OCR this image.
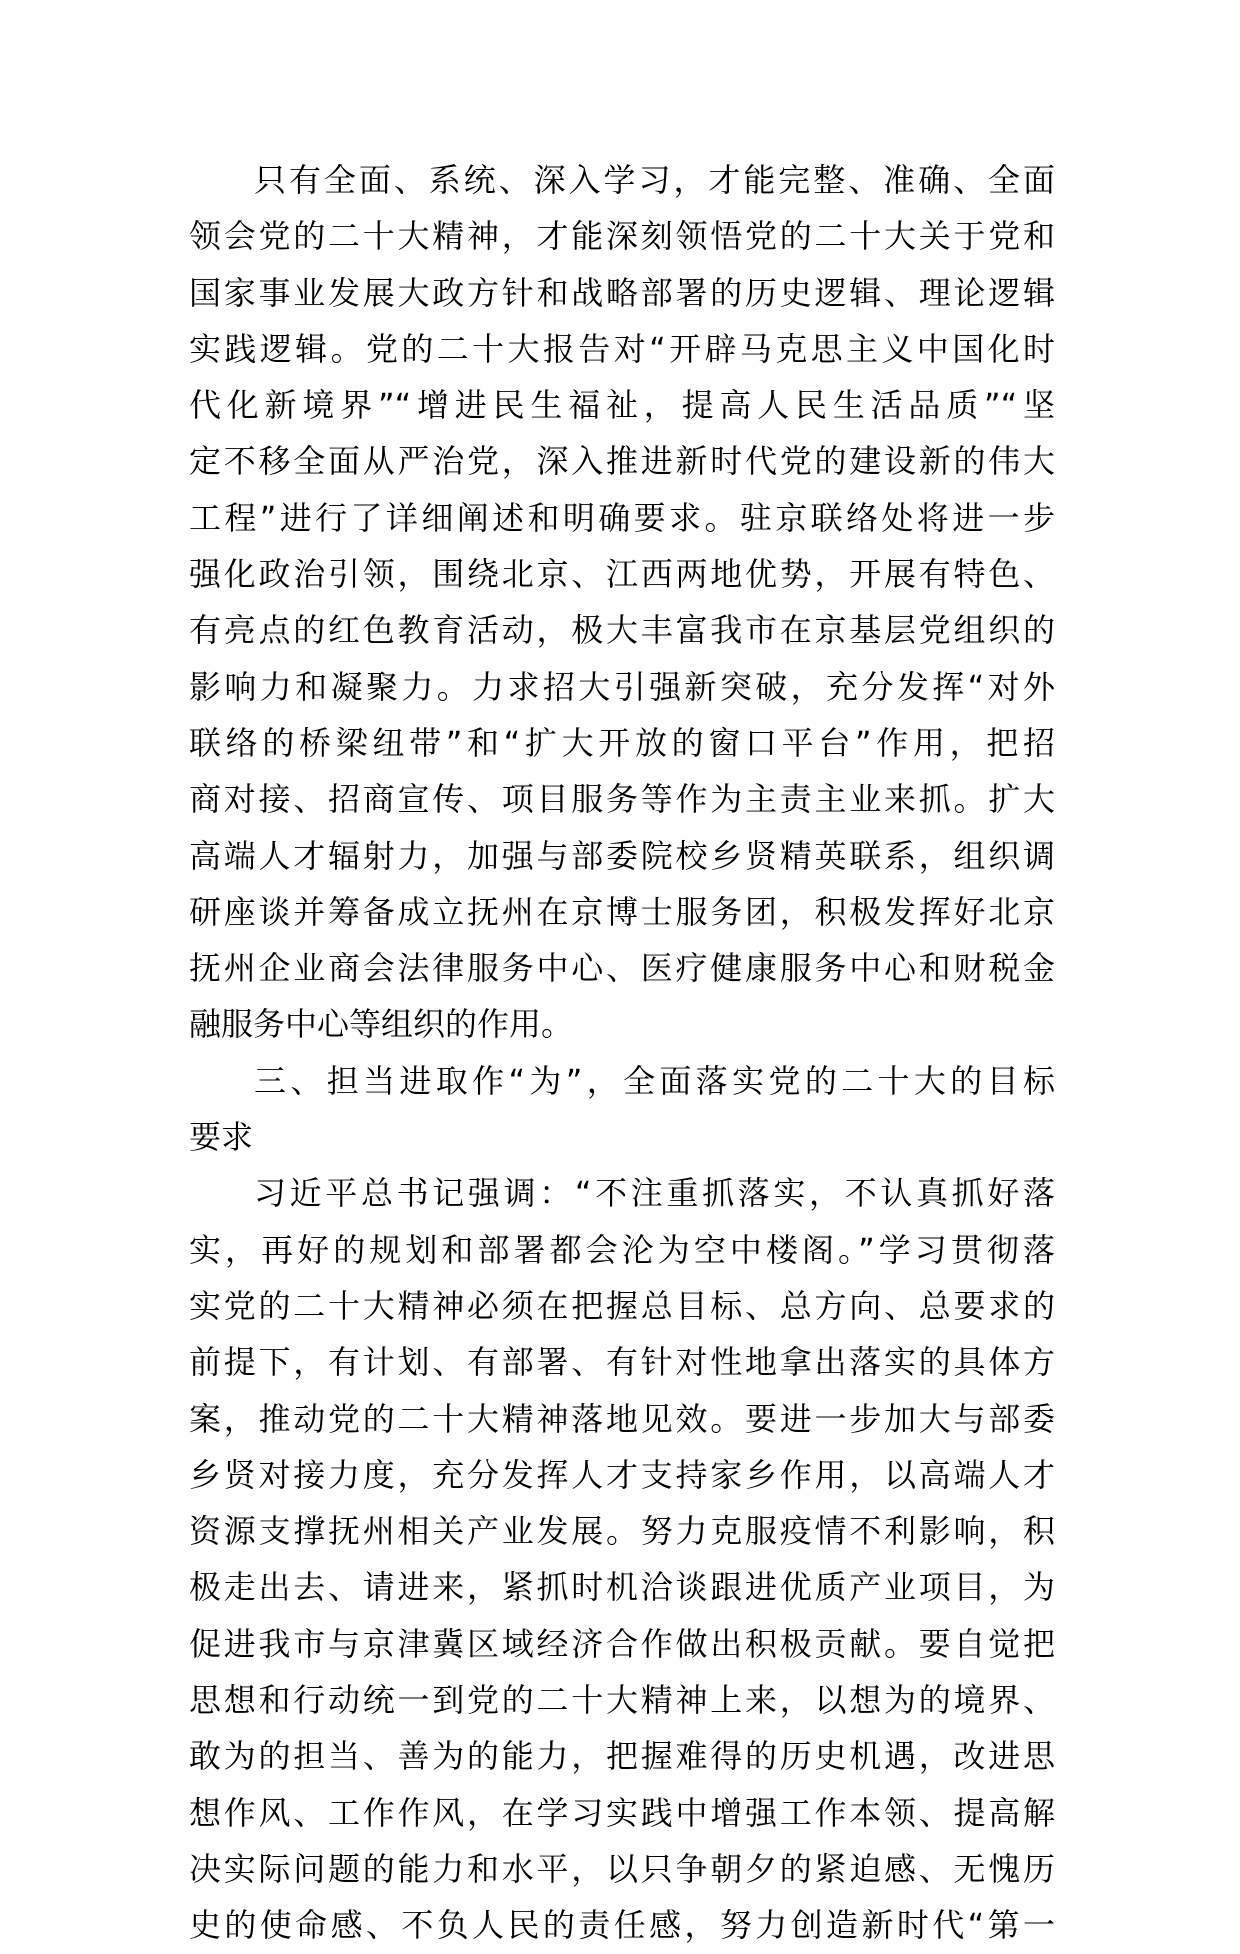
只有全面、系统、深入学习，才能完整、准确、全面
领会党的二十大精神，才能深刻领悟党的二十大关于党和
国家事业发展大政方针和战略部署的历史逻辑、理论逻辑
实践逻辑。党的二十大报告对“开辟马克思主义中国化时
代化新境界”“增进民生福祉，提高人民生活品质”“坚
定不移全面从严治党，深入推进新时代党的建设新的伟大
工程”进行了详细阐述和明确要求。驻京联络处将进一步
强化政治引领，围绕北京、江西两地优势，开展有特色、
有亮点的红色教育活动，极大丰富我市在京基层党组织的
影响力和凝聚力。力求招大引强新突破，充分发挥“对外
联络的桥梁纽带”和“扩大开放的窗口平台”作用，把招
商对接、招商宣传、项目服务等作为主责主业来抓。扩大
高端人才辐射力，加强与部委院校乡贤精英联系，组织调
研座谈并筹备成立抚州在京博士服务团，积极发挥好北京
抚州企业商会法律服务中心、医疗健康服务中心和财税金
融服务中心等组织的作用。
三、担当进取作“为”，全面落实党的二十大的目标
要求
习近平总书记强调：“不注重抓落实，不认真抓好落
实，再好的规划和部署都会沦为空中楼阁。”学习贯彻落
实党的二十大精神必须在把握总目标、总方向、总要求的
前提下，有计划、有部署、有针对性地拿出落实的具体方
案，推动党的二十大精神落地见效。要进一步加大与部委
乡贤对接力度，充分发挥人才支持家乡作用，以高端人才
资源支撑抚州相关产业发展。努力克服疫情不利影响，积
极走出去、请进来，紧抓时机洽谈跟进优质产业项目，为
促进我市与京津冀区域经济合作做出积极贡献。要自觉把
思想和行动统一到党的二十大精神上来，以想为的境界、
敢为的担当、善为的能力，把握难得的历史机遇，改进思
想作风、工作作风，在学习实践中增强工作本领、提高解
决实际问题的能力和水平，以只争朝夕的紧迫感、无愧历
史的使命感、不负人民的责任感，努力创造新时代“第一
